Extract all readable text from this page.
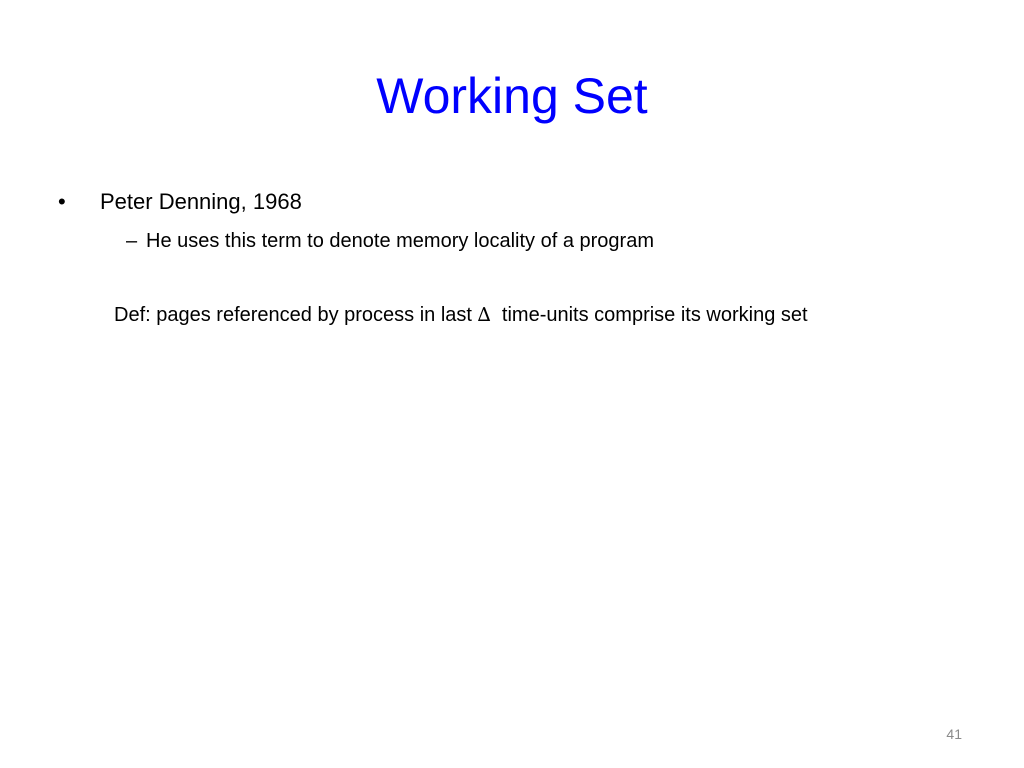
Working Set
•	Peter Denning, 1968
– He uses this term to denote memory locality of a program
Def: pages referenced by process in last ∆  time-units comprise its working set
41
